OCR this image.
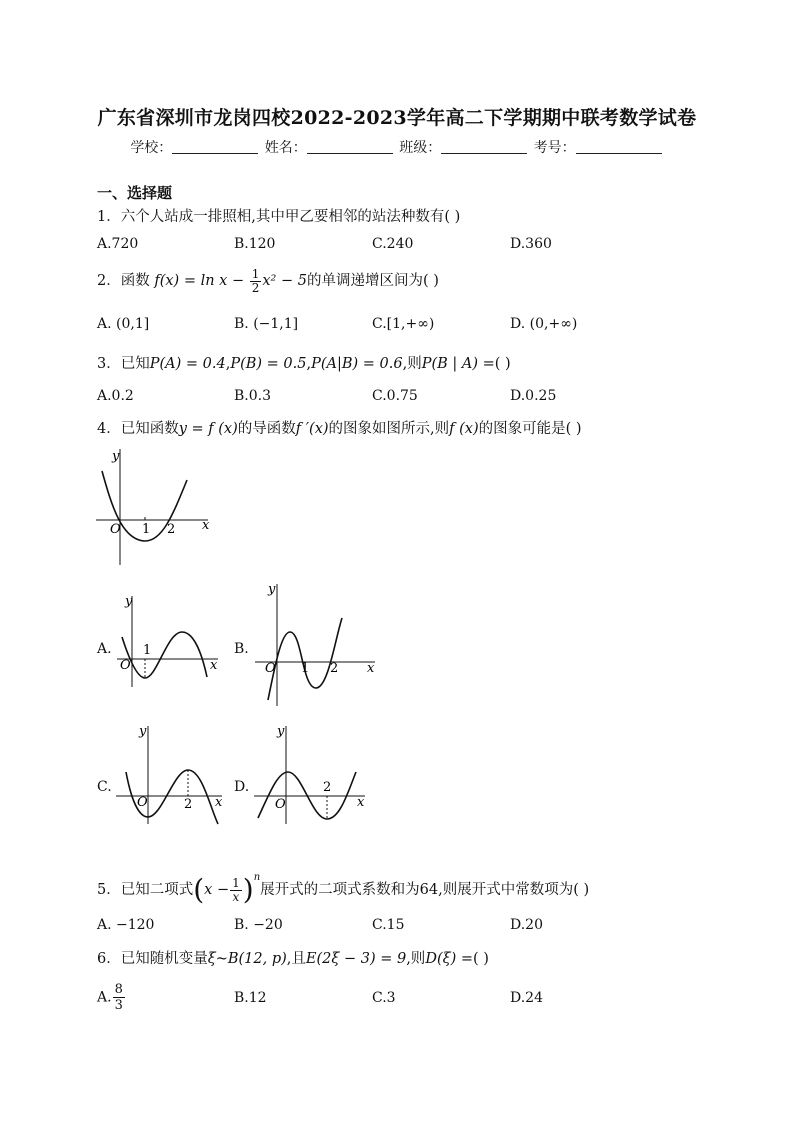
广东省深圳市龙岗四校2022-2023学年高二下学期期中联考数学试卷
学校：	姓名：	班级：	考号：
一、选择题
1．六个人站成一排照相,其中甲乙要相邻的站法种数有( )
A.720	B.120	C.240	D.360
2．函数 $f(x) = \ln x - \frac{1}{2} x^2 - 5$的单调递增区间为( )
A. (0,1]	B. (−1,1]	C.[1,+∞)	D. (0,+∞)
3．已知P(A) = 0.4,P(B) = 0.5,P(A|B) = 0.6,则P(B | A) =( )
A.0.2	B.0.3	C.0.75	D.0.25
4．已知函数y = f (x)的导函数f ′(x)的图象如图所示,则f (x)的图象可能是( )
y
x
O 1 2
A.
y
x
O
1	B.
y
x
O 1 2
C.
y
x
O	2
D.
y
x
O
2
5．已知二项式$(x - \frac{1}{x} )^n$展开式的二项式系数和为64,则展开式中常数项为( )
A. −120	B. −20	C.15	D.20
6．已知随机变量ξ~B(12, p),且E(2ξ − 3) = 9,则D(ξ) =( )
A. $\frac{8}{3}$	B.12	C.3	D.24
